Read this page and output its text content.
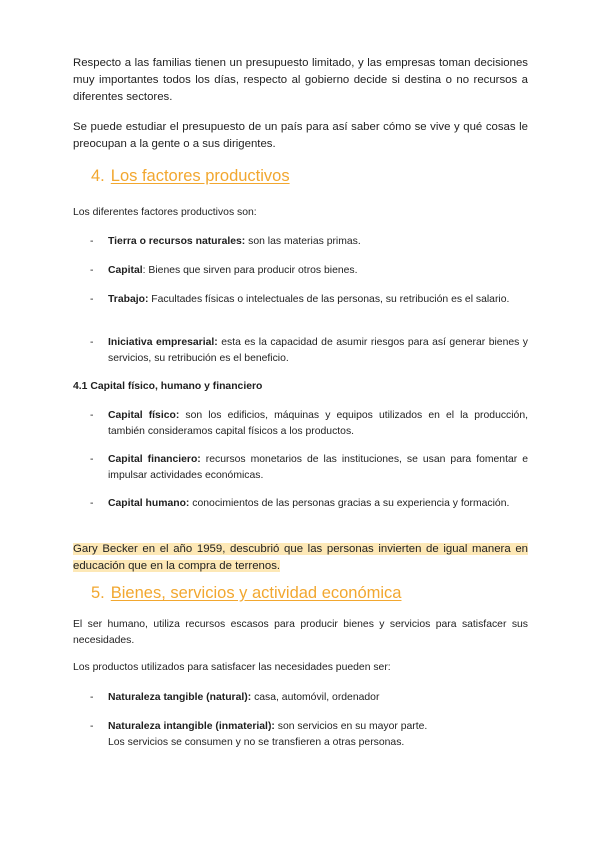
Respecto a las familias tienen un presupuesto limitado, y las empresas toman decisiones muy importantes todos los días, respecto al gobierno decide si destina o no recursos a diferentes sectores.

Se puede estudiar el presupuesto de un país para así saber cómo se vive y qué cosas le preocupan a la gente o a sus dirigentes.

4. Los factores productivos

Los diferentes factores productivos son:

- Tierra o recursos naturales: son las materias primas.
- Capital: Bienes que sirven para producir otros bienes.
- Trabajo: Facultades físicas o intelectuales de las personas, su retribución es el salario.
- Iniciativa empresarial: esta es la capacidad de asumir riesgos para así generar bienes y servicios, su retribución es el beneficio.
4.1 Capital físico, humano y financiero
- Capital físico: son los edificios, máquinas y equipos utilizados en el la producción, también consideramos capital físicos a los productos.
- Capital financiero: recursos monetarios de las instituciones, se usan para fomentar e impulsar actividades económicas.
- Capital humano: conocimientos de las personas gracias a su experiencia y formación.
Gary Becker en el año 1959, descubrió que las personas invierten de igual manera en educación que en la compra de terrenos.
5. Bienes, servicios y actividad económica

El ser humano, utiliza recursos escasos para producir bienes y servicios para satisfacer sus necesidades.

Los productos utilizados para satisfacer las necesidades pueden ser:

- Naturaleza tangible (natural): casa, automóvil, ordenador
- Naturaleza intangible (inmaterial): son servicios en su mayor parte.
Los servicios se consumen y no se transfieren a otras personas.
